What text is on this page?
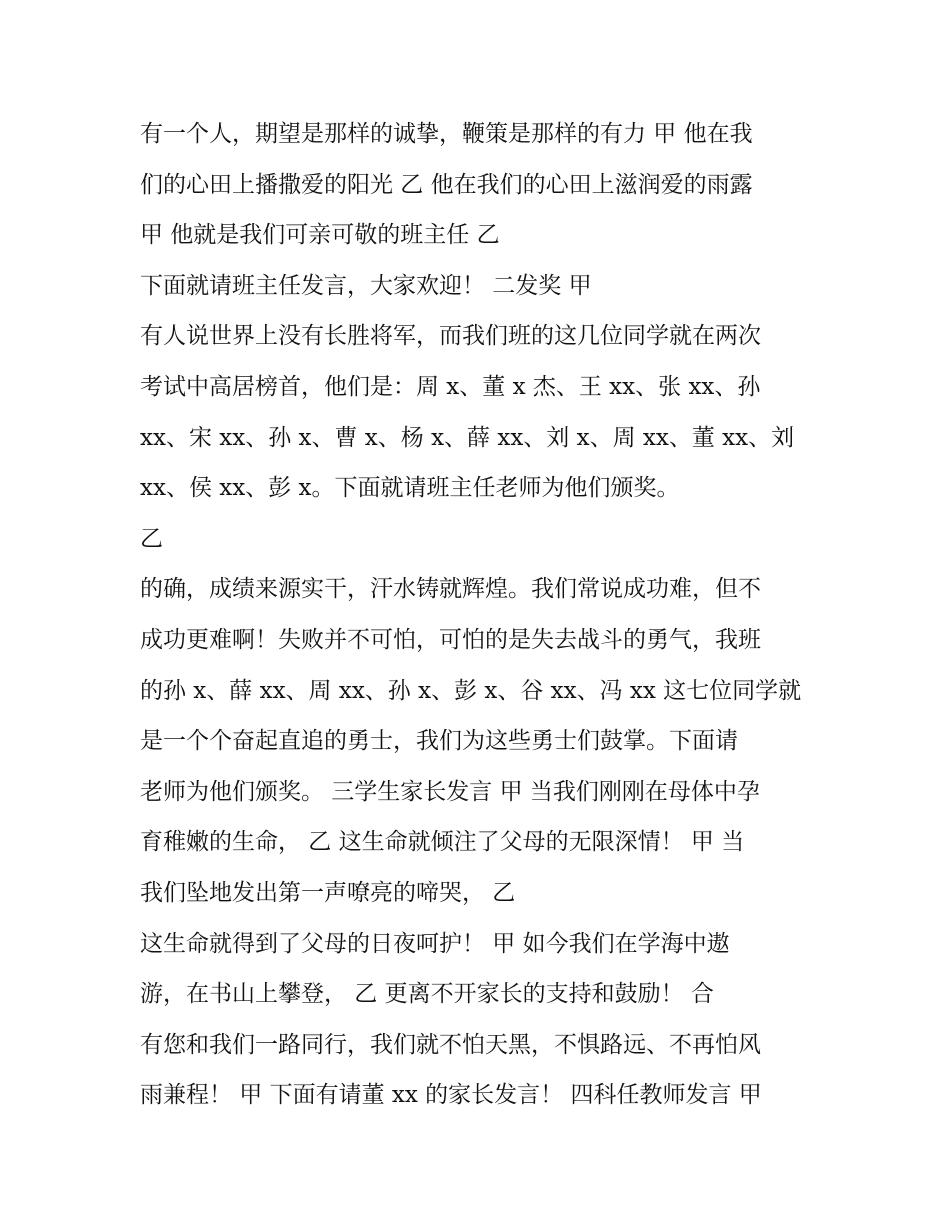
有一个人，期望是那样的诚挚，鞭策是那样的有力 甲 他在我
们的心田上播撒爱的阳光 乙 他在我们的心田上滋润爱的雨露
甲 他就是我们可亲可敬的班主任 乙
下面就请班主任发言，大家欢迎！ 二发奖 甲
有人说世界上没有长胜将军，而我们班的这几位同学就在两次
考试中高居榜首，他们是：周 x、董 x 杰、王 xx、张 xx、孙
xx、宋 xx、孙 x、曹 x、杨 x、薛 xx、刘 x、周 xx、董 xx、刘
xx、侯 xx、彭 x。下面就请班主任老师为他们颁奖。
乙
的确，成绩来源实干，汗水铸就辉煌。我们常说成功难，但不
成功更难啊！失败并不可怕，可怕的是失去战斗的勇气，我班
的孙 x、薛 xx、周 xx、孙 x、彭 x、谷 xx、冯 xx 这七位同学就
是一个个奋起直追的勇士，我们为这些勇士们鼓掌。下面请
老师为他们颁奖。 三学生家长发言 甲 当我们刚刚在母体中孕
育稚嫩的生命， 乙 这生命就倾注了父母的无限深情！ 甲 当
我们坠地发出第一声嘹亮的啼哭， 乙
这生命就得到了父母的日夜呵护！ 甲 如今我们在学海中遨
游，在书山上攀登， 乙 更离不开家长的支持和鼓励！ 合
有您和我们一路同行，我们就不怕天黑，不惧路远、不再怕风
雨兼程！ 甲 下面有请董 xx 的家长发言！ 四科任教师发言 甲
